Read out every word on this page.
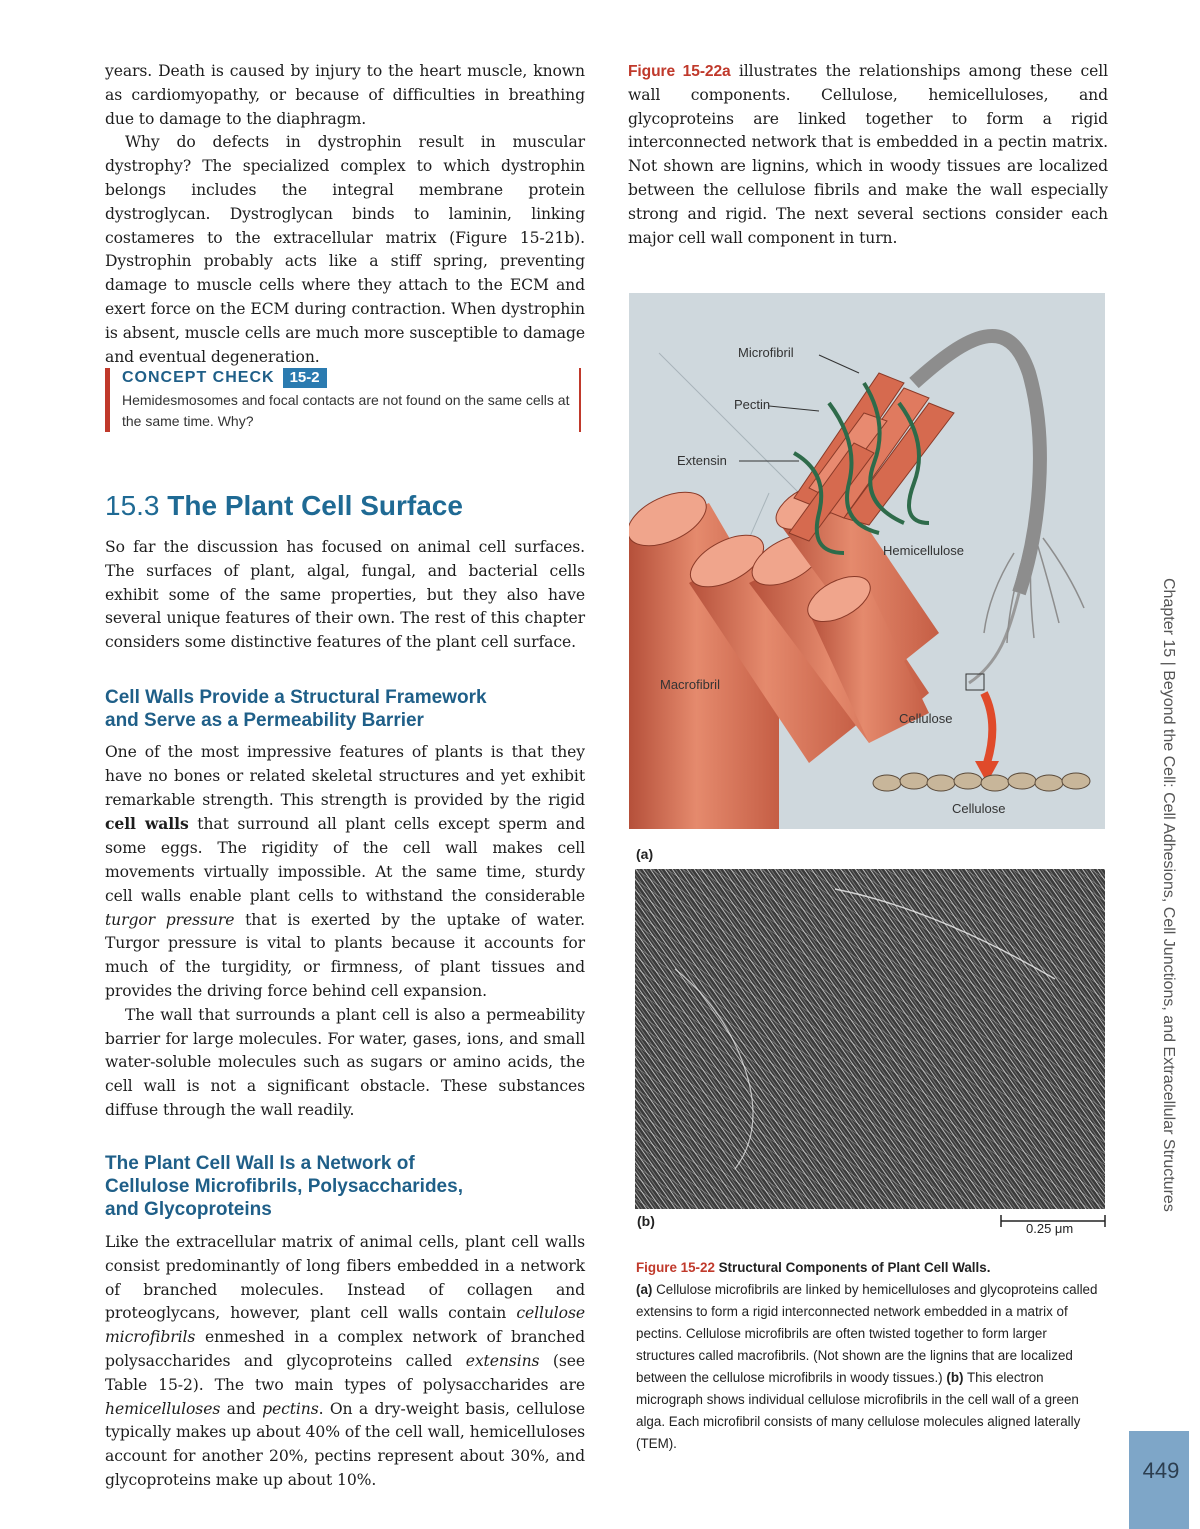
years. Death is caused by injury to the heart muscle, known as cardiomyopathy, or because of difficulties in breathing due to damage to the diaphragm.

Why do defects in dystrophin result in muscular dystrophy? The specialized complex to which dystrophin belongs includes the integral membrane protein dystroglycan. Dystroglycan binds to laminin, linking costameres to the extracellular matrix (Figure 15-21b). Dystrophin probably acts like a stiff spring, preventing damage to muscle cells where they attach to the ECM and exert force on the ECM during contraction. When dystrophin is absent, muscle cells are much more susceptible to damage and eventual degeneration.

CONCEPT CHECK 15-2

Hemidesmosomes and focal contacts are not found on the same cells at the same time. Why?

15.3 The Plant Cell Surface

So far the discussion has focused on animal cell surfaces. The surfaces of plant, algal, fungal, and bacterial cells exhibit some of the same properties, but they also have several unique features of their own. The rest of this chapter considers some distinctive features of the plant cell surface.

Cell Walls Provide a Structural Framework

and Serve as a Permeability Barrier

One of the most impressive features of plants is that they have no bones or related skeletal structures and yet exhibit remarkable strength. This strength is provided by the rigid cell walls that surround all plant cells except sperm and some eggs. The rigidity of the cell wall makes cell movements virtually impossible. At the same time, sturdy cell walls enable plant cells to withstand the considerable turgor pressure that is exerted by the uptake of water. Turgor pressure is vital to plants because it accounts for much of the turgidity, or firmness, of plant tissues and provides the driving force behind cell expansion.

The wall that surrounds a plant cell is also a permeability barrier for large molecules. For water, gases, ions, and small water-soluble molecules such as sugars or amino acids, the cell wall is not a significant obstacle. These substances diffuse through the wall readily.

The Plant Cell Wall Is a Network of

Cellulose Microfibrils, Polysaccharides,

and Glycoproteins

Like the extracellular matrix of animal cells, plant cell walls consist predominantly of long fibers embedded in a network of branched molecules. Instead of collagen and proteoglycans, however, plant cell walls contain cellulose microfibrils enmeshed in a complex network of branched polysaccharides and glycoproteins called extensins (see Table 15-2). The two main types of polysaccharides are hemicelluloses and pectins. On a dry-weight basis, cellulose typically makes up about 40% of the cell wall, hemicelluloses account for another 20%, pectins represent about 30%, and glycoproteins make up about 10%.

Figure 15-22a illustrates the relationships among these cell wall components. Cellulose, hemicelluloses, and glycoproteins are linked together to form a rigid interconnected network that is embedded in a pectin matrix. Not shown are lignins, which in woody tissues are localized between the cellulose fibrils and make the wall especially strong and rigid. The next several sections consider each major cell wall component in turn.

Microfibril
Pectin
Extensin
Hemicellulose
Macrofibril
Cellulose
Cellulose
(a)
(b)	0.25 μm

Figure 15-22 Structural Components of Plant Cell Walls.
(a) Cellulose microfibrils are linked by hemicelluloses and glycoproteins called extensins to form a rigid interconnected network embedded in a matrix of pectins. Cellulose microfibrils are often twisted together to form larger structures called macrofibrils. (Not shown are the lignins that are localized between the cellulose microfibrils in woody tissues.) (b) This electron micrograph shows individual cellulose microfibrils in the cell wall of a green alga. Each microfibril consists of many cellulose molecules aligned laterally (TEM).

Chapter 15 | Beyond the Cell: Cell Adhesions, Cell Junctions, and Extracellular Structures
449
